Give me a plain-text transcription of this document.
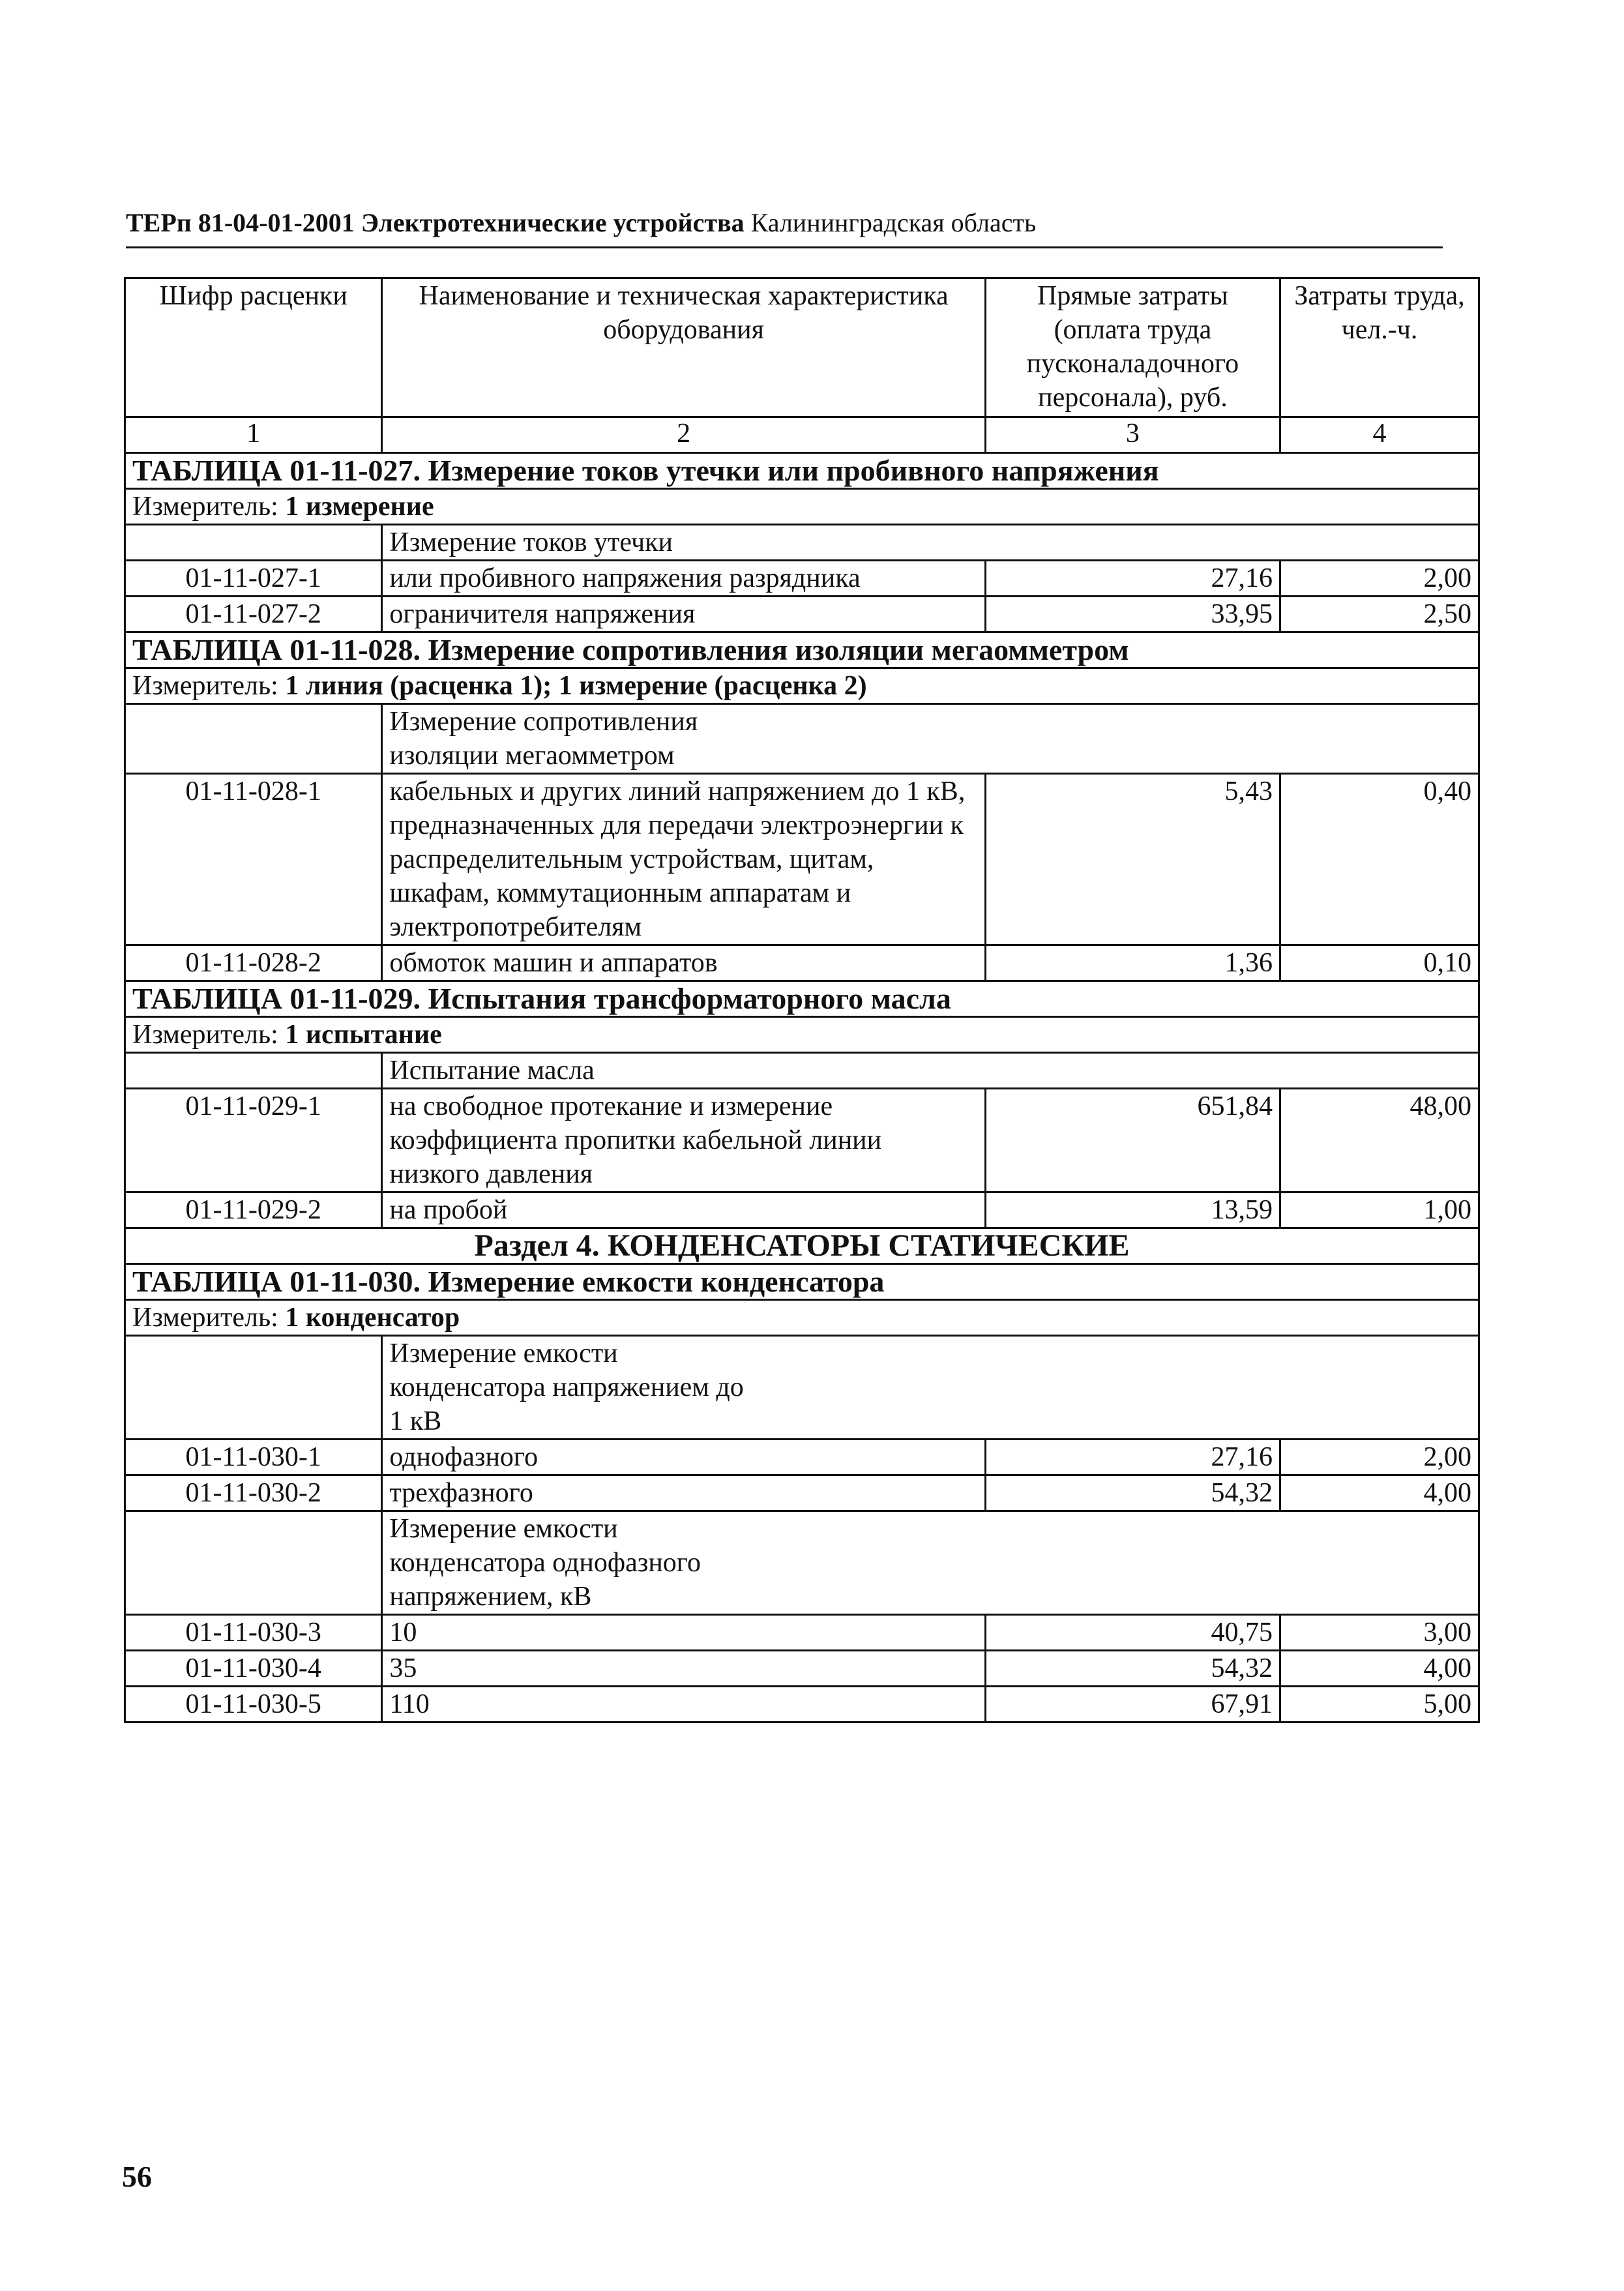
ТЕРп 81-04-01-2001 Электротехнические устройства Калининградская область
Шифр расценки	Наименование и техническая характеристика оборудования	Прямые затраты (оплата труда пусконаладочного персонала), руб.	Затраты труда, чел.-ч.
1	2	3	4
ТАБЛИЦА 01-11-027. Измерение токов утечки или пробивного напряжения			
Измеритель: 1 измерение			

	Измерение токов утечки		

01-11-027-1	или пробивного напряжения разрядника	27,16	2,00
01-11-027-2	ограничителя напряжения	33,95	2,50
ТАБЛИЦА 01-11-028. Измерение сопротивления изоляции мегаомметром			
Измеритель: 1 линия (расценка 1); 1 измерение (расценка 2)			

	Измерение сопротивления изоляции мегаомметром		

01-11-028-1	кабельных и других линий напряжением до 1 кВ, предназначенных для передачи электроэнергии к распределительным устройствам, щитам, шкафам, коммутационным аппаратам и электропотребителям	5,43	0,40
01-11-028-2	обмоток машин и аппаратов	1,36	0,10
ТАБЛИЦА 01-11-029. Испытания трансформаторного масла			
Измеритель: 1 испытание			

	Испытание масла		

01-11-029-1	на свободное протекание и измерение коэффициента пропитки кабельной линии низкого давления	651,84	48,00
01-11-029-2	на пробой	13,59	1,00
Раздел 4. КОНДЕНСАТОРЫ СТАТИЧЕСКИЕ			
ТАБЛИЦА 01-11-030. Измерение емкости конденсатора			
Измеритель: 1 конденсатор			

	Измерение емкости конденсатора напряжением до 1 кВ		

01-11-030-1	однофазного	27,16	2,00
01-11-030-2	трехфазного	54,32	4,00

	Измерение емкости конденсатора однофазного напряжением, кВ		

01-11-030-3	10	40,75	3,00
01-11-030-4	35	54,32	4,00
01-11-030-5	110	67,91	5,00
56
